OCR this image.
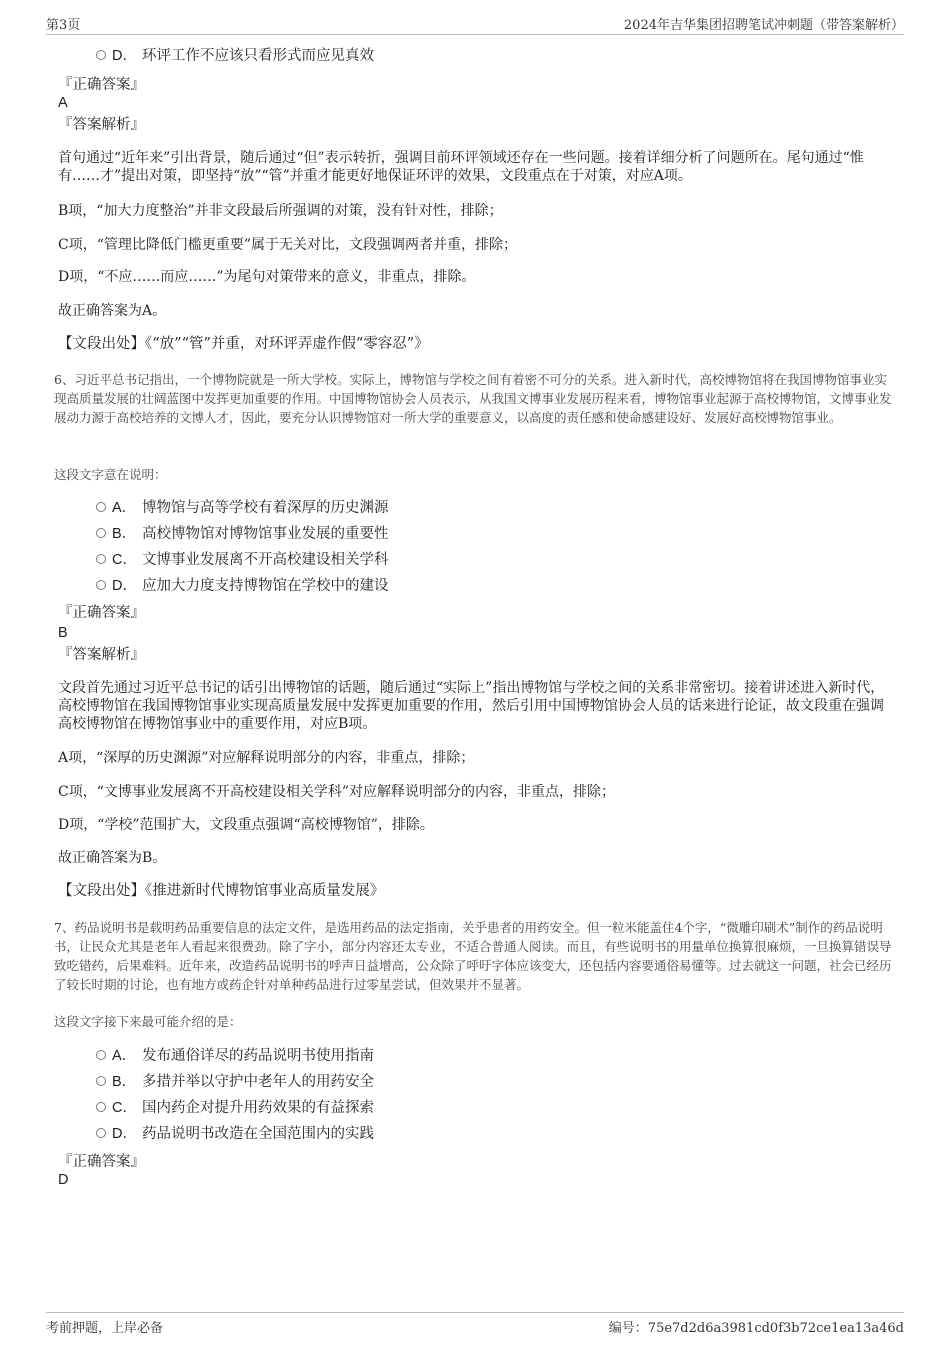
第3页	2024年吉华集团招聘笔试冲刺题（带答案解析）
D． 环评工作不应该只看形式而应见真效
『正确答案』
A
『答案解析』
首句通过“近年来”引出背景，随后通过“但”表示转折，强调目前环评领域还存在一些问题。接着详细分析了问题所在。尾句通过“惟有……才”提出对策，即坚持“放”“管”并重才能更好地保证环评的效果，文段重点在于对策，对应A项。
B项，“加大力度整治”并非文段最后所强调的对策，没有针对性，排除；
C项，“管理比降低门槛更重要”属于无关对比，文段强调两者并重，排除；
D项，“不应……而应……”为尾句对策带来的意义，非重点，排除。
故正确答案为A。
【文段出处】《“放”“管”并重，对环评弄虚作假“零容忍”》
6、习近平总书记指出，一个博物院就是一所大学校。实际上，博物馆与学校之间有着密不可分的关系。进入新时代，高校博物馆将在我国博物馆事业实现高质量发展的壮阔蓝图中发挥更加重要的作用。中国博物馆协会人员表示，从我国文博事业发展历程来看，博物馆事业起源于高校博物馆，文博事业发展动力源于高校培养的文博人才，因此，要充分认识博物馆对一所大学的重要意义，以高度的责任感和使命感建设好、发展好高校博物馆事业。
这段文字意在说明：
A． 博物馆与高等学校有着深厚的历史渊源
B． 高校博物馆对博物馆事业发展的重要性
C． 文博事业发展离不开高校建设相关学科
D． 应加大力度支持博物馆在学校中的建设
『正确答案』
B
『答案解析』
文段首先通过习近平总书记的话引出博物馆的话题，随后通过“实际上”指出博物馆与学校之间的关系非常密切。接着讲述进入新时代，高校博物馆在我国博物馆事业实现高质量发展中发挥更加重要的作用，然后引用中国博物馆协会人员的话来进行论证，故文段重在强调高校博物馆在博物馆事业中的重要作用，对应B项。
A项，“深厚的历史渊源”对应解释说明部分的内容，非重点，排除；
C项，“文博事业发展离不开高校建设相关学科”对应解释说明部分的内容，非重点，排除；
D项，“学校”范围扩大，文段重点强调“高校博物馆”，排除。
故正确答案为B。
【文段出处】《推进新时代博物馆事业高质量发展》
7、药品说明书是载明药品重要信息的法定文件，是选用药品的法定指南，关乎患者的用药安全。但一粒米能盖住4个字，“微雕印刷术”制作的药品说明书，让民众尤其是老年人看起来很费劲。除了字小，部分内容还太专业，不适合普通人阅读。而且，有些说明书的用量单位换算很麻烦，一旦换算错误导致吃错药，后果难料。近年来，改造药品说明书的呼声日益增高，公众除了呼吁字体应该变大，还包括内容要通俗易懂等。过去就这一问题，社会已经历了较长时期的讨论，也有地方或药企针对单种药品进行过零星尝试，但效果并不显著。
这段文字接下来最可能介绍的是：
A． 发布通俗详尽的药品说明书使用指南
B． 多措并举以守护中老年人的用药安全
C． 国内药企对提升用药效果的有益探索
D． 药品说明书改造在全国范围内的实践
『正确答案』
D
考前押题，上岸必备	编号：75e7d2d6a3981cd0f3b72ce1ea13a46d
